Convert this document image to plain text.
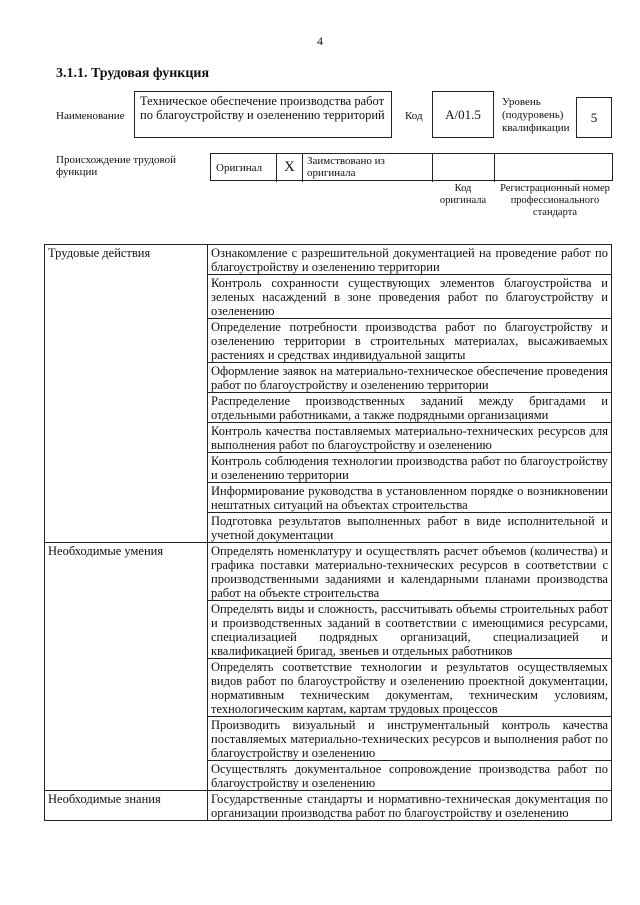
4
3.1.1. Трудовая функция
Наименование
Техническое обеспечение производства работ по благоустройству и озеленению территорий	Код A/01.5
Уровень (подуровень) квалификации
5
Происхождение трудовой функции	Оригинал X Заимствовано из оригинала
Код оригинала
Регистрационный номер профессионального стандарта
Трудовые действия	Ознакомление с разрешительной документацией на проведение работ по благоустройству и озеленению территории
	Контроль сохранности существующих элементов благоустройства и зеленых насаждений в зоне проведения работ по благоустройству и озеленению
	Определение потребности производства работ по благоустройству и озеленению территории в строительных материалах, высаживаемых растениях и средствах индивидуальной защиты
	Оформление заявок на материально-техническое обеспечение проведения работ по благоустройству и озеленению территории
	Распределение производственных заданий между бригадами и отдельными работниками, а также подрядными организациями
	Контроль качества поставляемых материально-технических ресурсов для выполнения работ по благоустройству и озеленению
	Контроль соблюдения технологии производства работ по благоустройству и озеленению территории
	Информирование руководства в установленном порядке о возникновении нештатных ситуаций на объектах строительства
	Подготовка результатов выполненных работ в виде исполнительной и учетной документации
Необходимые умения	Определять номенклатуру и осуществлять расчет объемов (количества) и графика поставки материально-технических ресурсов в соответствии с производственными заданиями и календарными планами производства работ на объекте строительства
	Определять виды и сложность, рассчитывать объемы строительных работ и производственных заданий в соответствии с имеющимися ресурсами, специализацией подрядных организаций, специализацией и квалификацией бригад, звеньев и отдельных работников
	Определять соответствие технологии и результатов осуществляемых видов работ по благоустройству и озеленению проектной документации, нормативным техническим документам, техническим условиям, технологическим картам, картам трудовых процессов
	Производить визуальный и инструментальный контроль качества поставляемых материально-технических ресурсов и выполнения работ по благоустройству и озеленению
	Осуществлять документальное сопровождение производства работ по благоустройству и озеленению
Необходимые знания	Государственные стандарты и нормативно-техническая документация по организации производства работ по благоустройству и озеленению
